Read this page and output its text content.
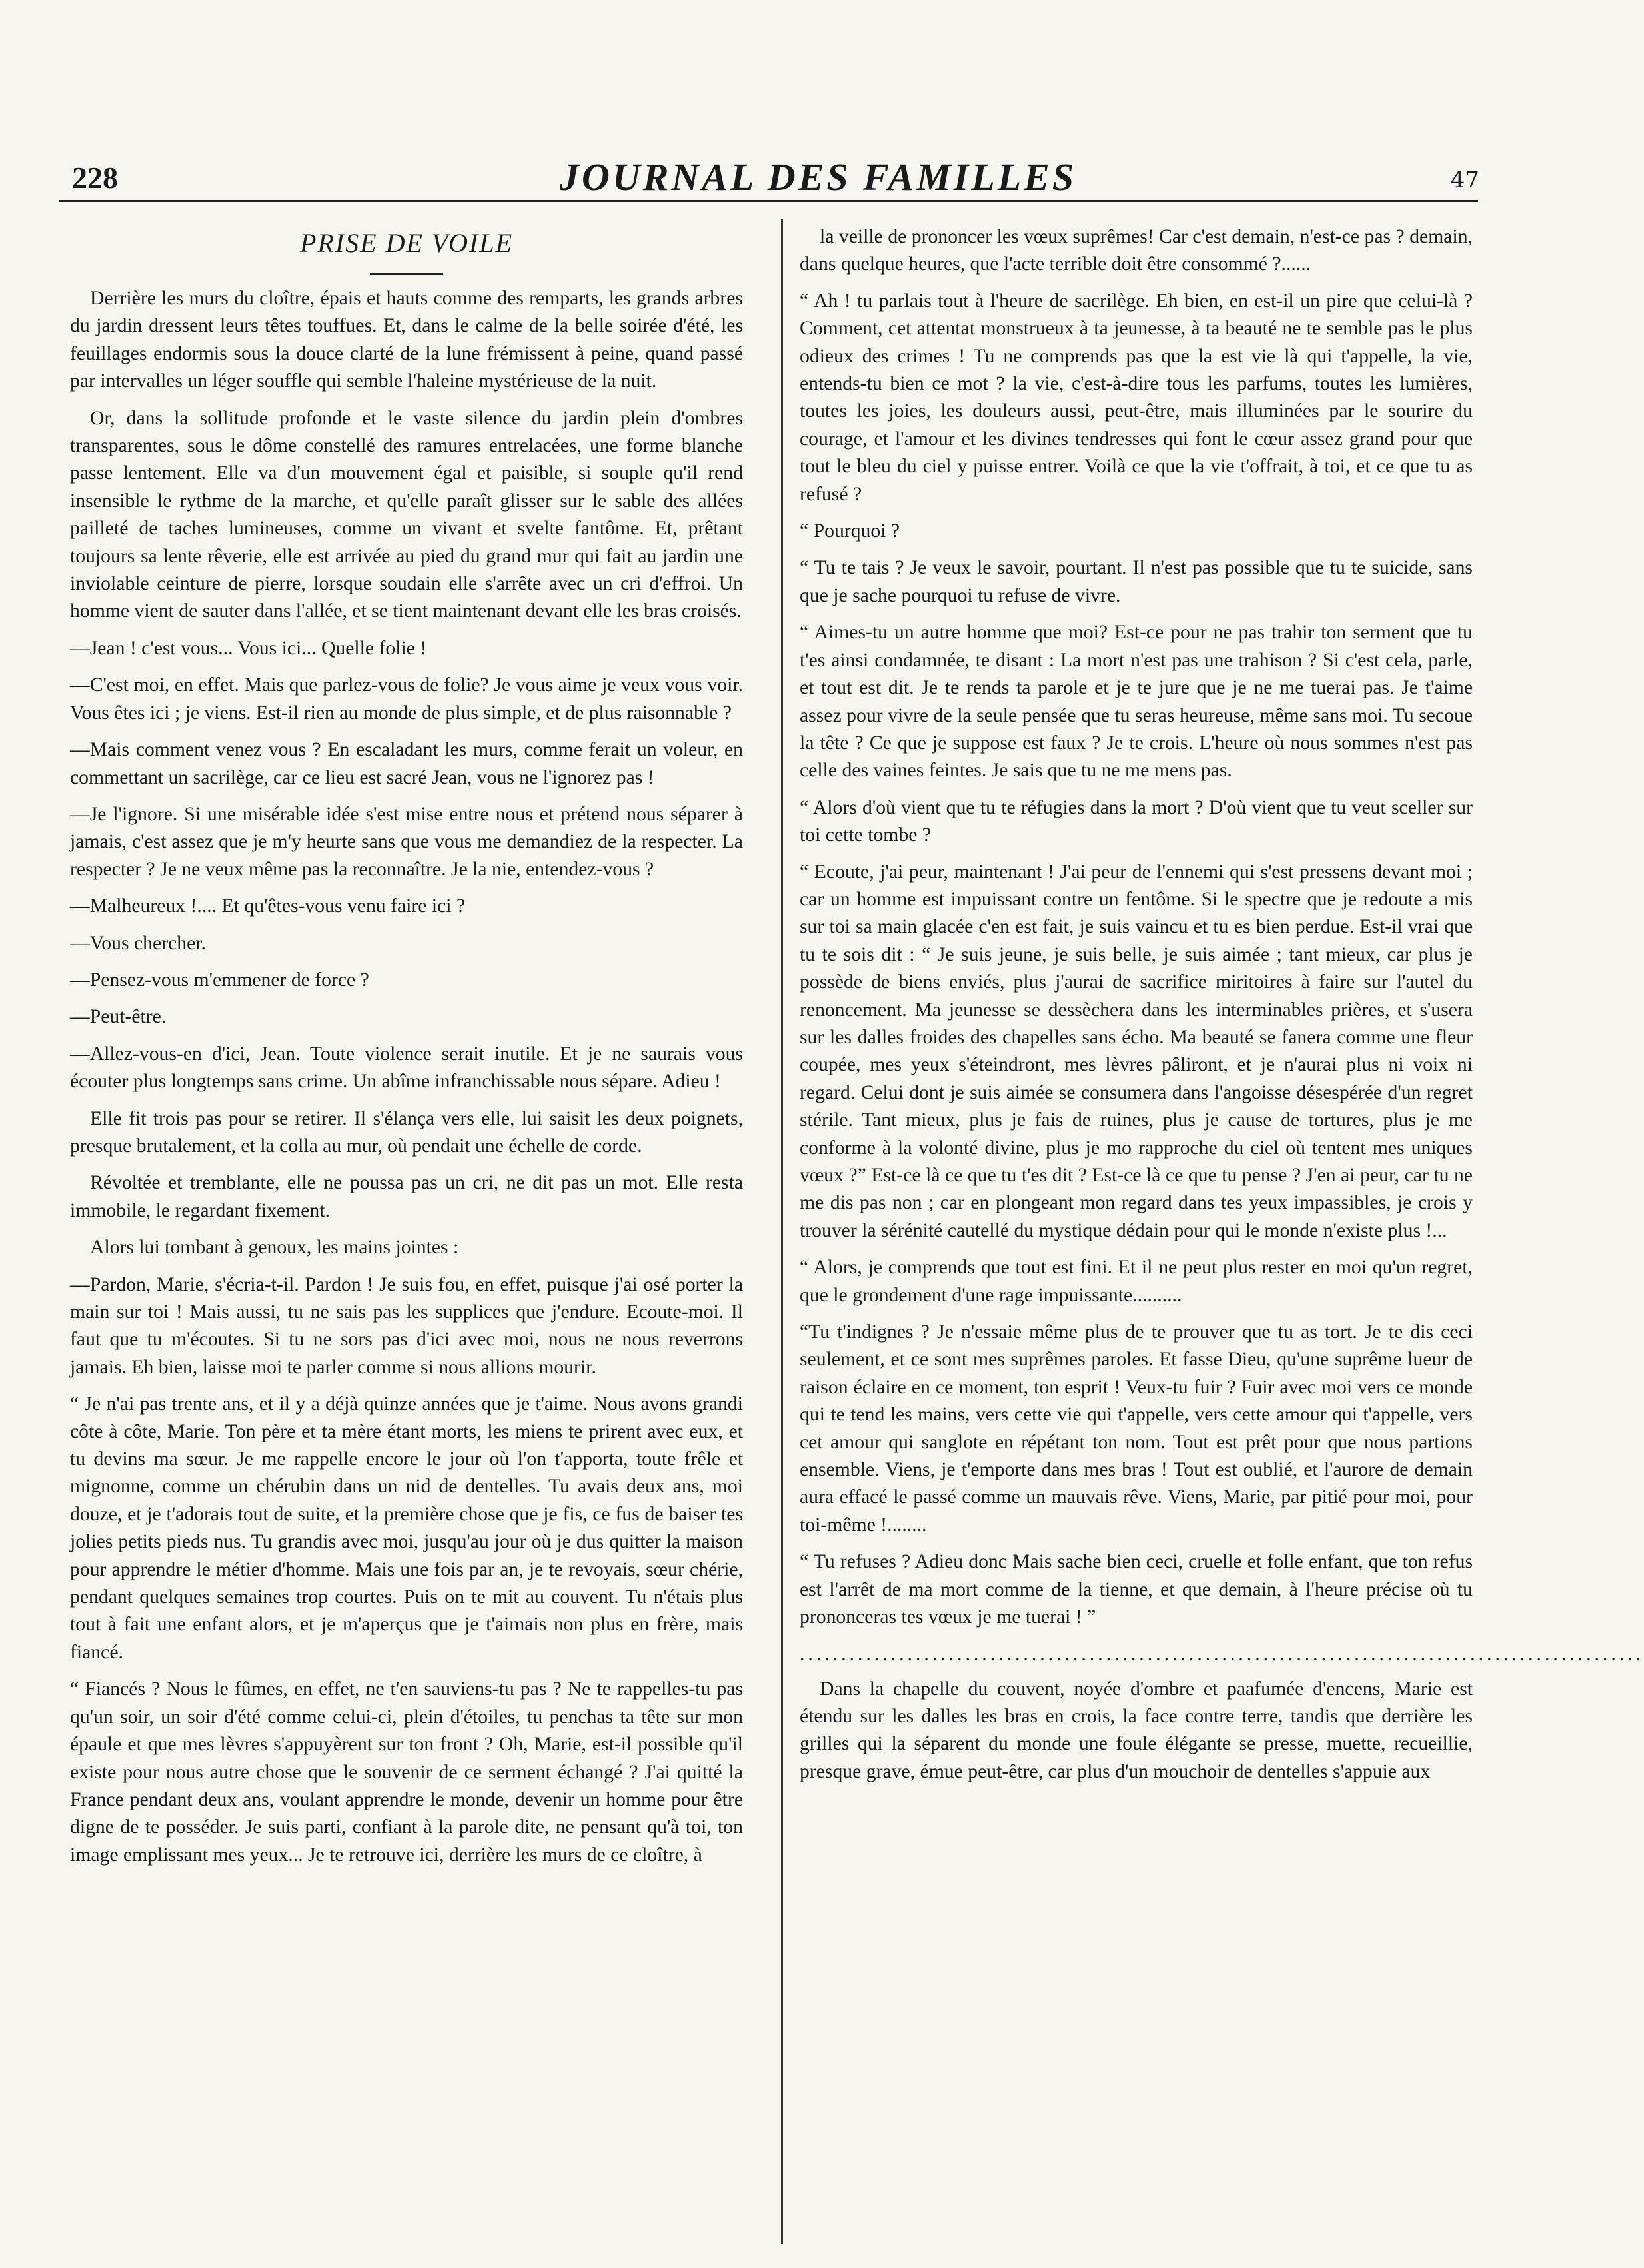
228	JOURNAL DES FAMILLES	47
PRISE DE VOILE

Derrière les murs du cloître, épais et hauts comme des remparts, les grands arbres du jardin dressent leurs têtes touffues. Et, dans le calme de la belle soirée d'été, les feuillages endormis sous la douce clarté de la lune frémissent à peine, quand passé par intervalles un léger souffle qui semble l'haleine mystérieuse de la nuit.

Or, dans la sollitude profonde et le vaste silence du jardin plein d'ombres transparentes, sous le dôme constellé des ramures entrelacées, une forme blanche passe lentement. Elle va d'un mouvement égal et paisible, si souple qu'il rend insensible le rythme de la marche, et qu'elle paraît glisser sur le sable des allées pailleté de taches lumineuses, comme un vivant et svelte fantôme. Et, prêtant toujours sa lente rêverie, elle est arrivée au pied du grand mur qui fait au jardin une inviolable ceinture de pierre, lorsque soudain elle s'arrête avec un cri d'effroi. Un homme vient de sauter dans l'allée, et se tient maintenant devant elle les bras croisés.

—Jean ! c'est vous... Vous ici... Quelle folie !

—C'est moi, en effet. Mais que parlez-vous de folie? Je vous aime je veux vous voir. Vous êtes ici ; je viens. Est-il rien au monde de plus simple, et de plus raisonnable ?

—Mais comment venez vous ? En escaladant les murs, comme ferait un voleur, en commettant un sacrilège, car ce lieu est sacré Jean, vous ne l'ignorez pas !

—Je l'ignore. Si une misérable idée s'est mise entre nous et prétend nous séparer à jamais, c'est assez que je m'y heurte sans que vous me demandiez de la respecter. La respecter ? Je ne veux même pas la reconnaître. Je la nie, entendez-vous ?

—Malheureux !.... Et qu'êtes-vous venu faire ici ?

—Vous chercher.

—Pensez-vous m'emmener de force ?

—Peut-être.

—Allez-vous-en d'ici, Jean. Toute violence serait inutile. Et je ne saurais vous écouter plus longtemps sans crime. Un abîme infranchissable nous sépare. Adieu !

Elle fit trois pas pour se retirer. Il s'élança vers elle, lui saisit les deux poignets, presque brutalement, et la colla au mur, où pendait une échelle de corde.

Révoltée et tremblante, elle ne poussa pas un cri, ne dit pas un mot. Elle resta immobile, le regardant fixement.

Alors lui tombant à genoux, les mains jointes :

—Pardon, Marie, s'écria-t-il. Pardon ! Je suis fou, en effet, puisque j'ai osé porter la main sur toi ! Mais aussi, tu ne sais pas les supplices que j'endure. Ecoute-moi. Il faut que tu m'écoutes. Si tu ne sors pas d'ici avec moi, nous ne nous reverrons jamais. Eh bien, laisse moi te parler comme si nous allions mourir.

“ Je n'ai pas trente ans, et il y a déjà quinze années que je t'aime. Nous avons grandi côte à côte, Marie. Ton père et ta mère étant morts, les miens te prirent avec eux, et tu devins ma sœur. Je me rappelle encore le jour où l'on t'apporta, toute frêle et mignonne, comme un chérubin dans un nid de dentelles. Tu avais deux ans, moi douze, et je t'adorais tout de suite, et la première chose que je fis, ce fus de baiser tes jolies petits pieds nus. Tu grandis avec moi, jusqu'au jour où je dus quitter la maison pour apprendre le métier d'homme. Mais une fois par an, je te revoyais, sœur chérie, pendant quelques semaines trop courtes. Puis on te mit au couvent. Tu n'étais plus tout à fait une enfant alors, et je m'aperçus que je t'aimais non plus en frère, mais fiancé.

“ Fiancés ? Nous le fûmes, en effet, ne t'en sauviens-tu pas ? Ne te rappelles-tu pas qu'un soir, un soir d'été comme celui-ci, plein d'étoiles, tu penchas ta tête sur mon épaule et que mes lèvres s'appuyèrent sur ton front ? Oh, Marie, est-il possible qu'il existe pour nous autre chose que le souvenir de ce serment échangé ? J'ai quitté la France pendant deux ans, voulant apprendre le monde, devenir un homme pour être digne de te posséder. Je suis parti, confiant à la parole dite, ne pensant qu'à toi, ton image emplissant mes yeux... Je te retrouve ici, derrière les murs de ce cloître, à

la veille de prononcer les vœux suprêmes! Car c'est demain, n'est-ce pas ? demain, dans quelque heures, que l'acte terrible doit être consommé ?......

“ Ah ! tu parlais tout à l'heure de sacrilège. Eh bien, en est-il un pire que celui-là ? Comment, cet attentat monstrueux à ta jeunesse, à ta beauté ne te semble pas le plus odieux des crimes ! Tu ne comprends pas que la est vie là qui t'appelle, la vie, entends-tu bien ce mot ? la vie, c'est-à-dire tous les parfums, toutes les lumières, toutes les joies, les douleurs aussi, peut-être, mais illuminées par le sourire du courage, et l'amour et les divines tendresses qui font le cœur assez grand pour que tout le bleu du ciel y puisse entrer. Voilà ce que la vie t'offrait, à toi, et ce que tu as refusé ?

“ Pourquoi ?

“ Tu te tais ? Je veux le savoir, pourtant. Il n'est pas possible que tu te suicide, sans que je sache pourquoi tu refuse de vivre.

“ Aimes-tu un autre homme que moi? Est-ce pour ne pas trahir ton serment que tu t'es ainsi condamnée, te disant : La mort n'est pas une trahison ? Si c'est cela, parle, et tout est dit. Je te rends ta parole et je te jure que je ne me tuerai pas. Je t'aime assez pour vivre de la seule pensée que tu seras heureuse, même sans moi. Tu secoue la tête ? Ce que je suppose est faux ? Je te crois. L'heure où nous sommes n'est pas celle des vaines feintes. Je sais que tu ne me mens pas.

“ Alors d'où vient que tu te réfugies dans la mort ? D'où vient que tu veut sceller sur toi cette tombe ?

“ Ecoute, j'ai peur, maintenant ! J'ai peur de l'ennemi qui s'est pressens devant moi ; car un homme est impuissant contre un fentôme. Si le spectre que je redoute a mis sur toi sa main glacée c'en est fait, je suis vaincu et tu es bien perdue. Est-il vrai que tu te sois dit : “ Je suis jeune, je suis belle, je suis aimée ; tant mieux, car plus je possède de biens enviés, plus j'aurai de sacrifice miritoires à faire sur l'autel du renoncement. Ma jeunesse se dessèchera dans les interminables prières, et s'usera sur les dalles froides des chapelles sans écho. Ma beauté se fanera comme une fleur coupée, mes yeux s'éteindront, mes lèvres pâliront, et je n'aurai plus ni voix ni regard. Celui dont je suis aimée se consumera dans l'angoisse désespérée d'un regret stérile. Tant mieux, plus je fais de ruines, plus je cause de tortures, plus je me conforme à la volonté divine, plus je mo rapproche du ciel où tentent mes uniques vœux ?” Est-ce là ce que tu t'es dit ? Est-ce là ce que tu pense ? J'en ai peur, car tu ne me dis pas non ; car en plongeant mon regard dans tes yeux impassibles, je crois y trouver la sérénité cautellé du mystique dédain pour qui le monde n'existe plus !...

“ Alors, je comprends que tout est fini. Et il ne peut plus rester en moi qu'un regret, que le grondement d'une rage impuissante..........

“Tu t'indignes ? Je n'essaie même plus de te prouver que tu as tort. Je te dis ceci seulement, et ce sont mes suprêmes paroles. Et fasse Dieu, qu'une suprême lueur de raison éclaire en ce moment, ton esprit ! Veux-tu fuir ? Fuir avec moi vers ce monde qui te tend les mains, vers cette vie qui t'appelle, vers cette amour qui t'appelle, vers cet amour qui sanglote en répétant ton nom. Tout est prêt pour que nous partions ensemble. Viens, je t'emporte dans mes bras ! Tout est oublié, et l'aurore de demain aura effacé le passé comme un mauvais rêve. Viens, Marie, par pitié pour moi, pour toi-même !........

“ Tu refuses ? Adieu donc Mais sache bien ceci, cruelle et folle enfant, que ton refus est l'arrêt de ma mort comme de la tienne, et que demain, à l'heure précise où tu prononceras tes vœux je me tuerai ! ”

......................................................................................................

Dans la chapelle du couvent, noyée d'ombre et paafumée d'encens, Marie est étendu sur les dalles les bras en crois, la face contre terre, tandis que derrière les grilles qui la séparent du monde une foule élégante se presse, muette, recueillie, presque grave, émue peut-être, car plus d'un mouchoir de dentelles s'appuie aux
